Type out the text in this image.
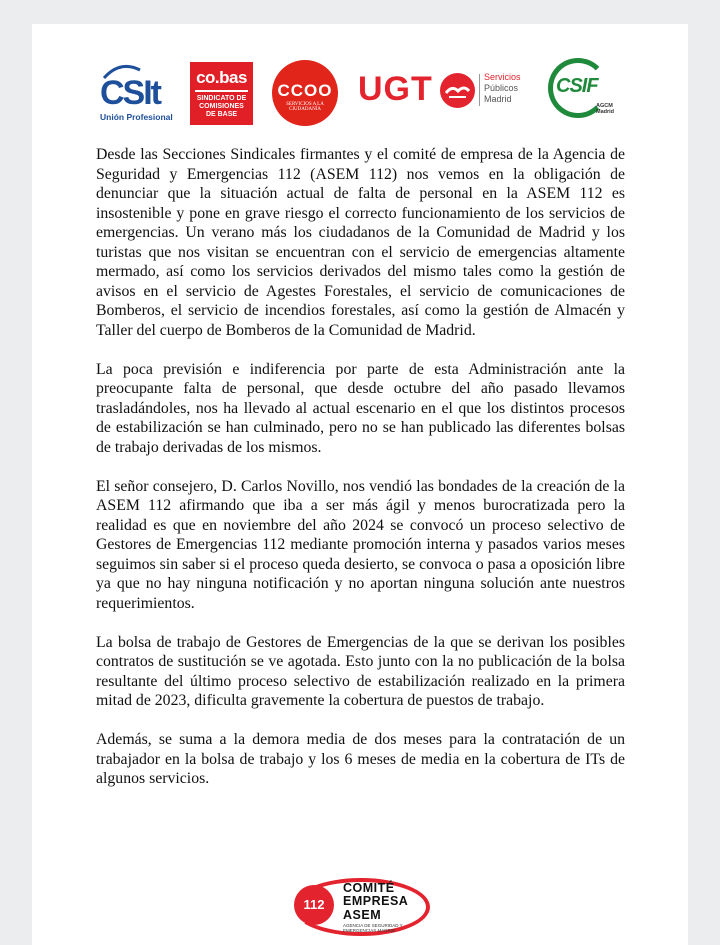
CSIt
Unión Profesional
co.bas
SINDICATO DE
COMISIONES
DE BASE
CCOO
SERVICIOS A LA CIUDADANÍA
UGT	Servicios
Públicos
Madrid
CSIF
AGCM
Madrid

Desde las Secciones Sindicales firmantes y el comité de empresa de la Agencia de Seguridad y Emergencias 112 (ASEM 112) nos vemos en la obligación de denunciar que la situación actual de falta de personal en la ASEM 112 es insostenible y pone en grave riesgo el correcto funcionamiento de los servicios de emergencias. Un verano más los ciudadanos de la Comunidad de Madrid y los turistas que nos visitan se encuentran con el servicio de emergencias altamente mermado, así como los servicios derivados del mismo tales como la gestión de avisos en el servicio de Agestes Forestales, el servicio de comunicaciones de Bomberos, el servicio de incendios forestales, así como la gestión de Almacén y Taller del cuerpo de Bomberos de la Comunidad de Madrid.

La poca previsión e indiferencia por parte de esta Administración ante la preocupante falta de personal, que desde octubre del año pasado llevamos trasladándoles, nos ha llevado al actual escenario en el que los distintos procesos de estabilización se han culminado, pero no se han publicado las diferentes bolsas de trabajo derivadas de los mismos.

El señor consejero, D. Carlos Novillo, nos vendió las bondades de la creación de la ASEM 112 afirmando que iba a ser más ágil y menos burocratizada pero la realidad es que en noviembre del año 2024 se convocó un proceso selectivo de Gestores de Emergencias 112 mediante promoción interna y pasados varios meses seguimos sin saber si el proceso queda desierto, se convoca o pasa a oposición libre ya que no hay ninguna notificación y no aportan ninguna solución ante nuestros requerimientos.

La bolsa de trabajo de Gestores de Emergencias de la que se derivan los posibles contratos de sustitución se ve agotada. Esto junto con la no publicación de la bolsa resultante del último proceso selectivo de estabilización realizado en la primera mitad de 2023, dificulta gravemente la cobertura de puestos de trabajo.

Además, se suma a la demora media de dos meses para la contratación de un trabajador en la bolsa de trabajo y los 6 meses de media en la cobertura de ITs de algunos servicios.

112
COMITÉ
EMPRESA
ASEM
AGENCIA DE SEGURIDAD Y EMERGENCIAS MADRID
